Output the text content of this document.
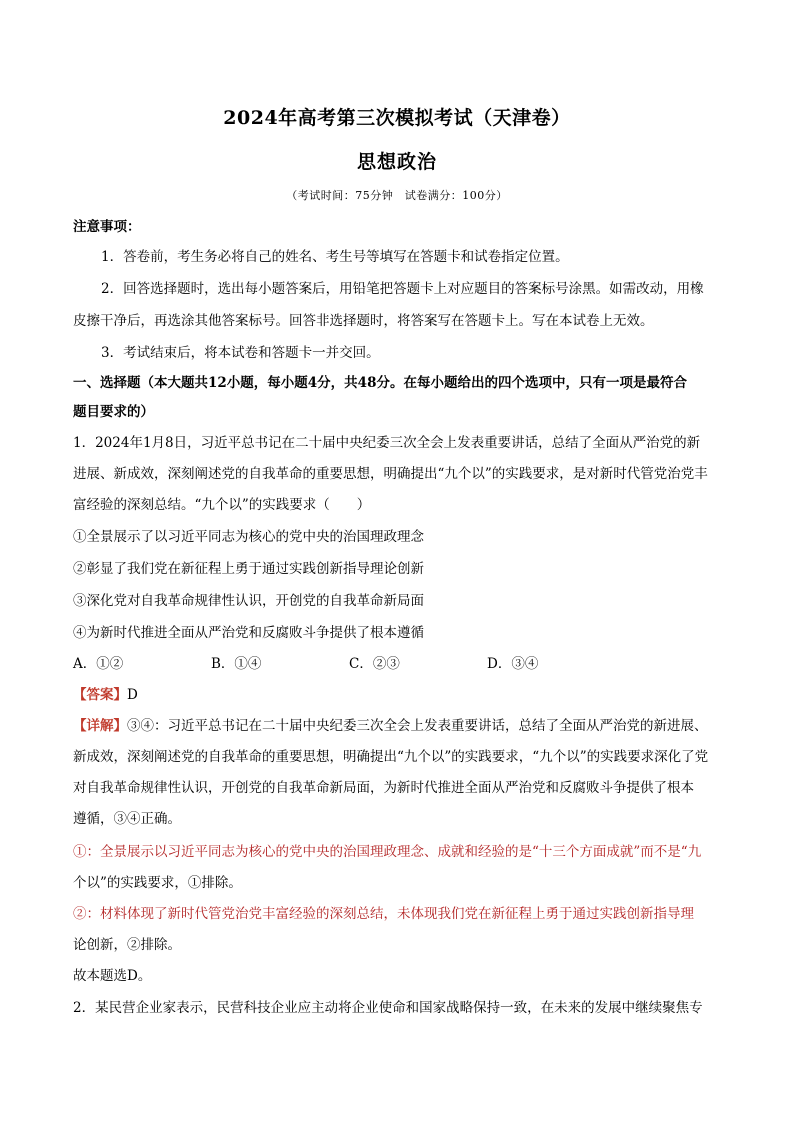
2024年高考第三次模拟考试（天津卷）
思想政治
（考试时间：75分钟　试卷满分：100分）
注意事项：
1．答卷前，考生务必将自己的姓名、考生号等填写在答题卡和试卷指定位置。
2．回答选择题时，选出每小题答案后，用铅笔把答题卡上对应题目的答案标号涂黑。如需改动，用橡
皮擦干净后，再选涂其他答案标号。回答非选择题时，将答案写在答题卡上。写在本试卷上无效。
3．考试结束后，将本试卷和答题卡一并交回。
一、选择题（本大题共12小题，每小题4分，共48分。在每小题给出的四个选项中，只有一项是最符合
题目要求的）
1．2024年1月8日，习近平总书记在二十届中央纪委三次全会上发表重要讲话，总结了全面从严治党的新
进展、新成效，深刻阐述党的自我革命的重要思想，明确提出“九个以”的实践要求，是对新时代管党治党丰
富经验的深刻总结。“九个以”的实践要求（　　）
①全景展示了以习近平同志为核心的党中央的治国理政理念
②彰显了我们党在新征程上勇于通过实践创新指导理论创新
③深化党对自我革命规律性认识，开创党的自我革命新局面
④为新时代推进全面从严治党和反腐败斗争提供了根本遵循
A．①②	B．①④	C．②③	D．③④
【答案】D
【详解】③④：习近平总书记在二十届中央纪委三次全会上发表重要讲话，总结了全面从严治党的新进展、
新成效，深刻阐述党的自我革命的重要思想，明确提出“九个以”的实践要求，“九个以”的实践要求深化了党
对自我革命规律性认识，开创党的自我革命新局面，为新时代推进全面从严治党和反腐败斗争提供了根本
遵循，③④正确。
①：全景展示以习近平同志为核心的党中央的治国理政理念、成就和经验的是“十三个方面成就”而不是“九
个以”的实践要求，①排除。
②：材料体现了新时代管党治党丰富经验的深刻总结，未体现我们党在新征程上勇于通过实践创新指导理
论创新，②排除。
故本题选D。
2．某民营企业家表示，民营科技企业应主动将企业使命和国家战略保持一致，在未来的发展中继续聚焦专
